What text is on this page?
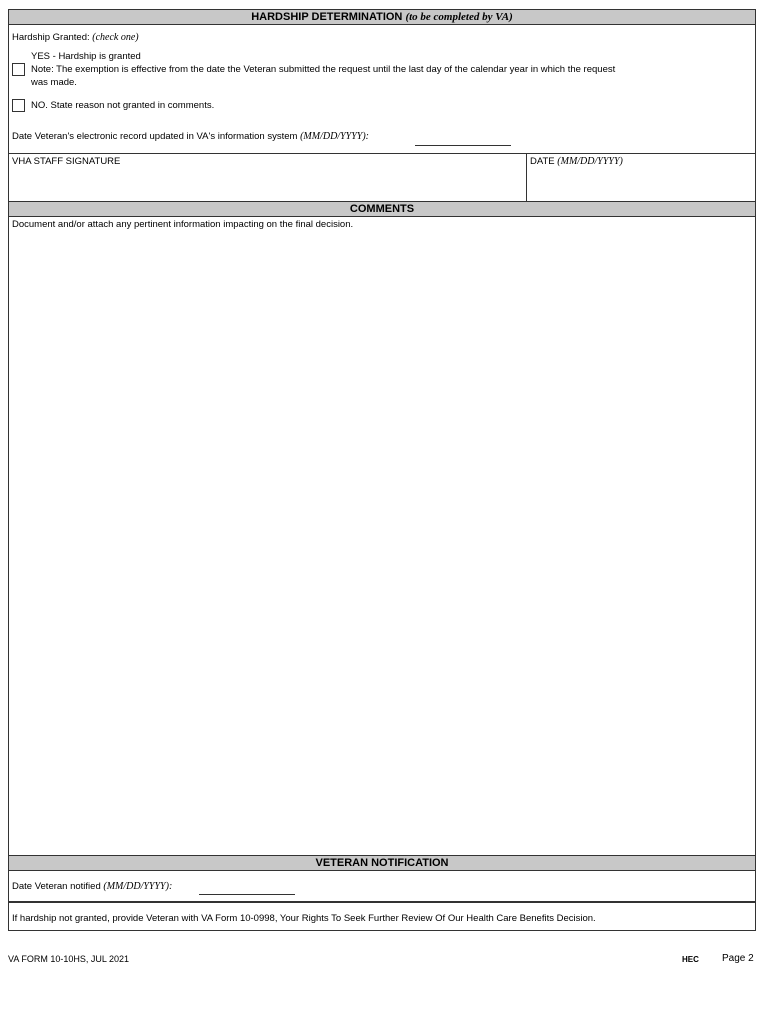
HARDSHIP DETERMINATION (to be completed by VA)
Hardship Granted: (check one)
YES - Hardship is granted
Note: The exemption is effective from the date the Veteran submitted the request until the last day of the calendar year in which the request
was made.
NO. State reason not granted in comments.
Date Veteran's electronic record updated in VA's information system (MM/DD/YYYY):
VHA STAFF SIGNATURE	DATE (MM/DD/YYYY)
COMMENTS
Document and/or attach any pertinent information impacting on the final decision.
VETERAN NOTIFICATION
Date Veteran notified (MM/DD/YYYY):
If hardship not granted, provide Veteran with VA Form 10-0998, Your Rights To Seek Further Review Of Our Health Care Benefits Decision.
VA FORM 10-10HS, JUL 2021	HEC Page 2
